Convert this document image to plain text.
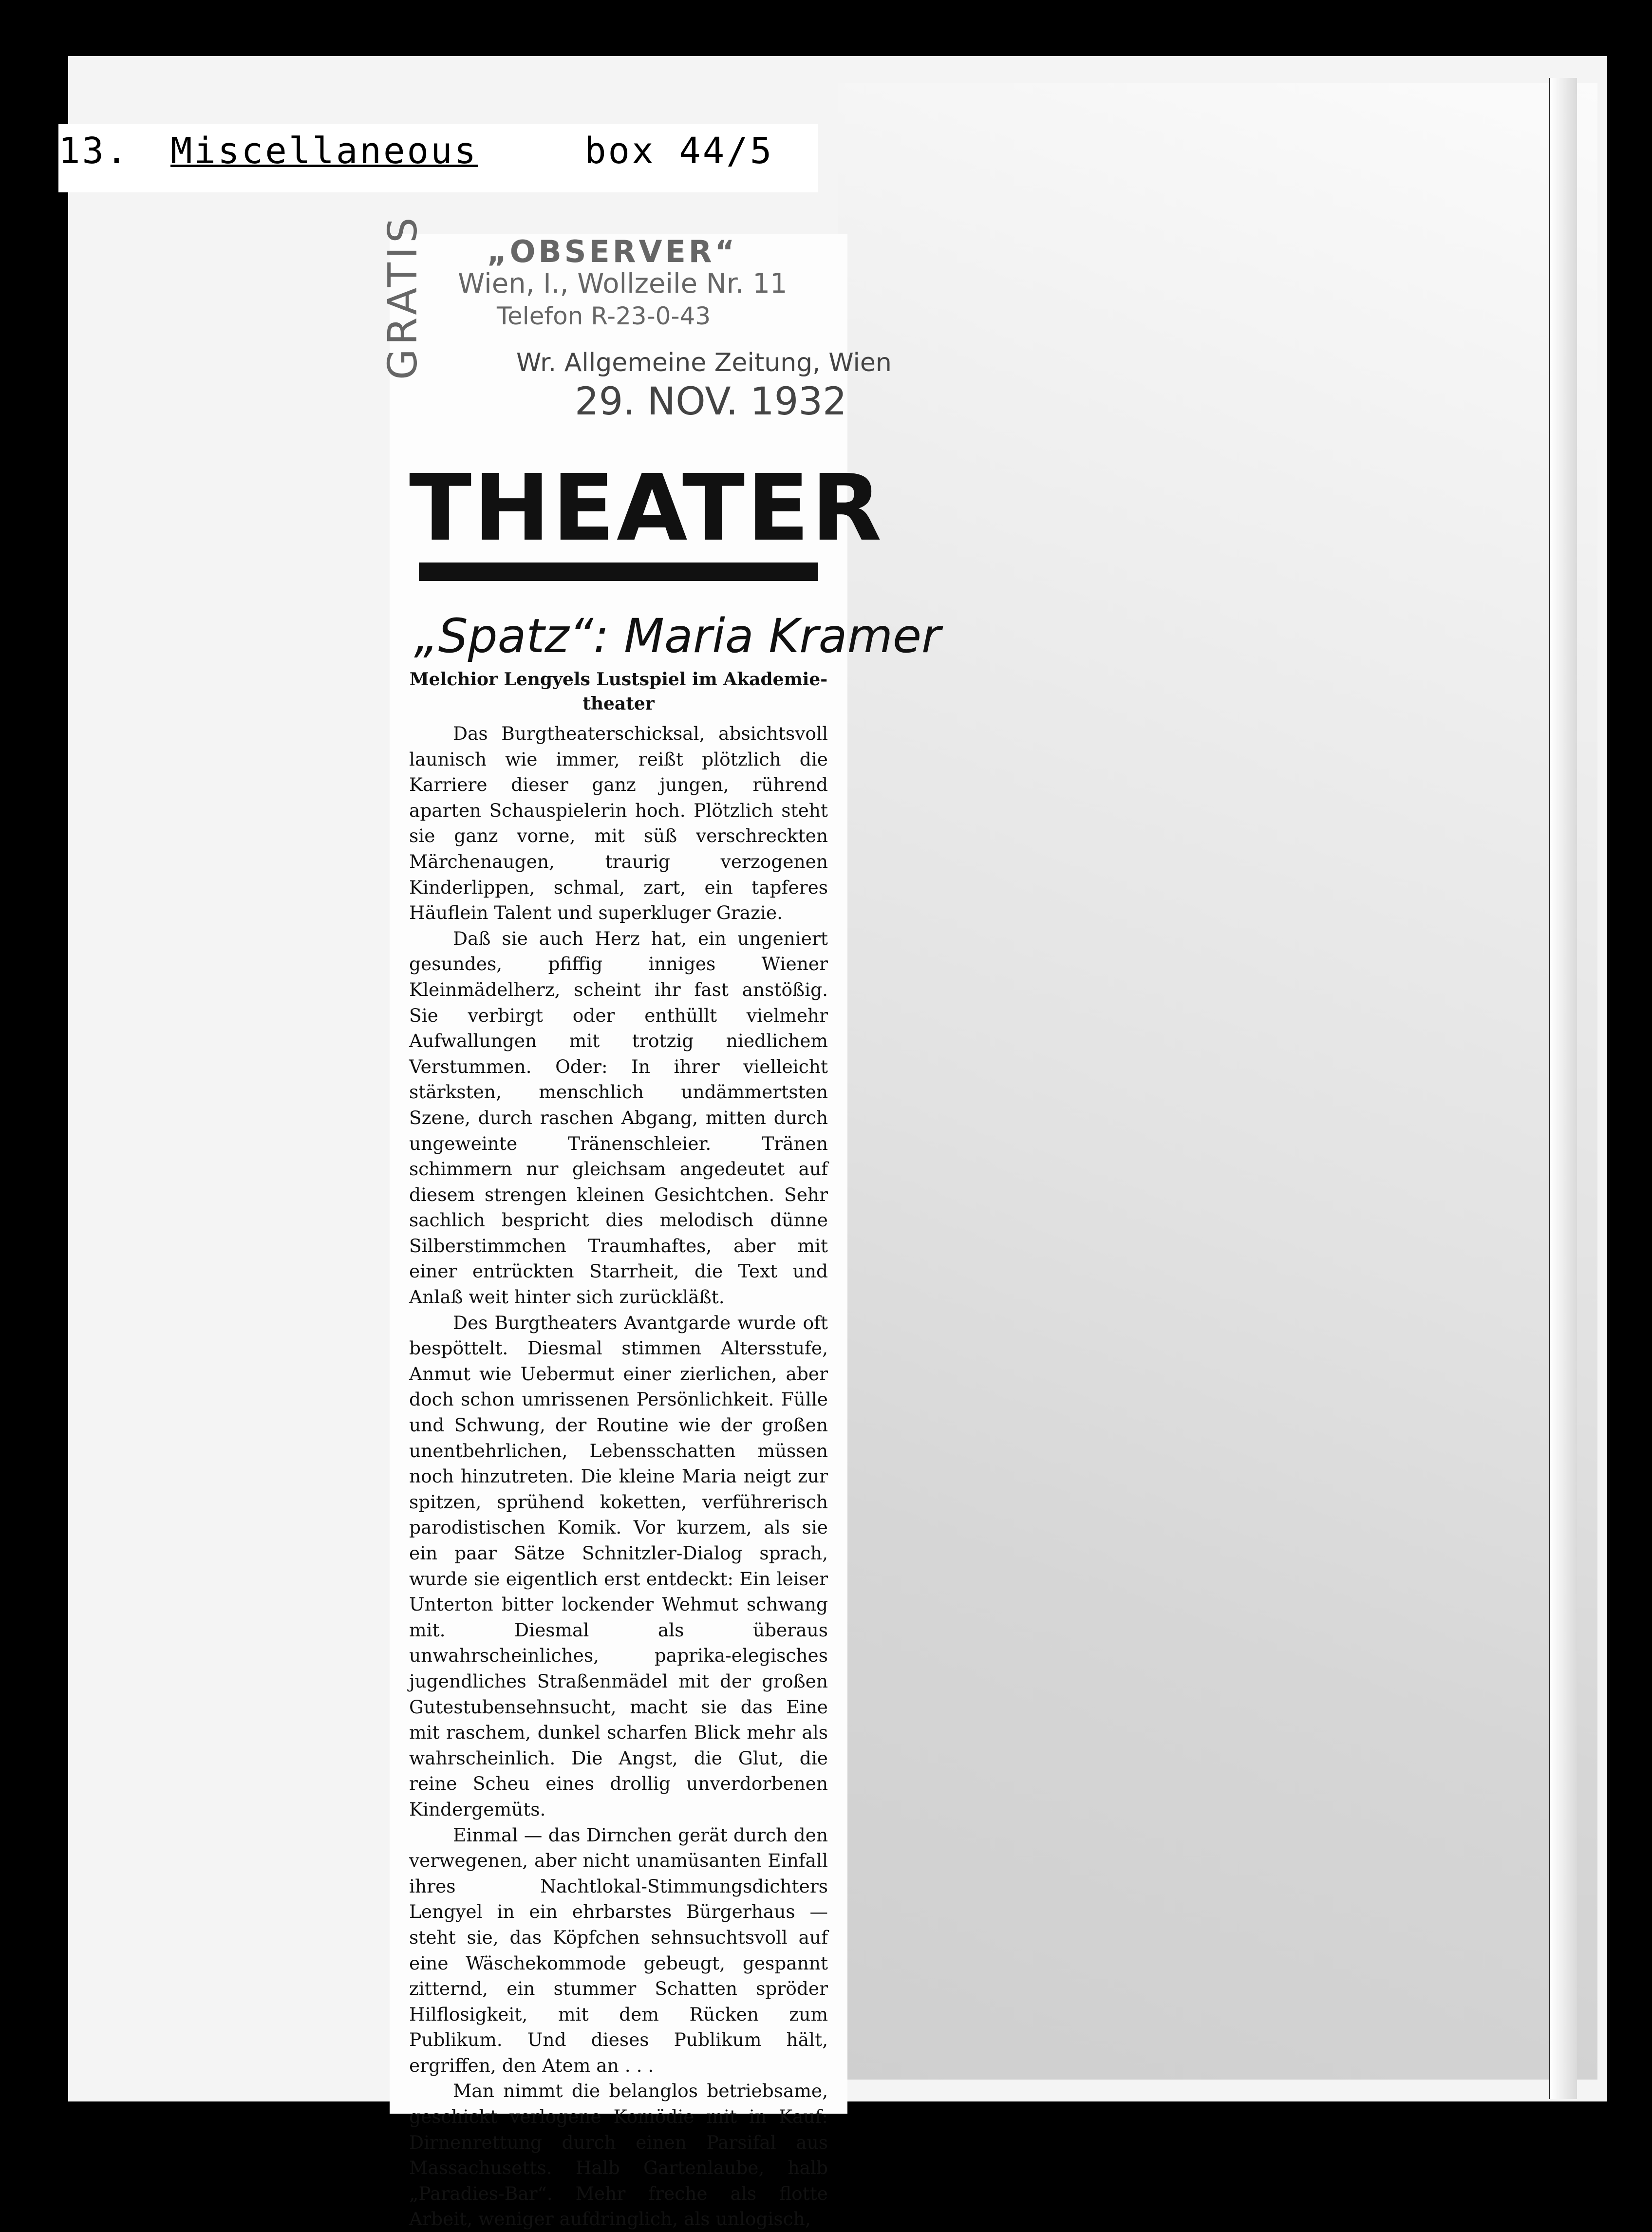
13. Miscellaneous	box 44/5
GRATIS „OBSERVER“
Wien, I., Wollzeile Nr. 11
Telefon R-23-0-43
Wr. Allgemeine Zeitung, Wien
29. NOV. 1932
THEATER
„Spatz“: Maria Kramer
Melchior Lengyels Lustspiel im Akademie-theater

Das Burgtheaterschicksal, absichtsvoll launisch wie immer, reißt plötzlich die Karriere dieser ganz jungen, rührend aparten Schauspielerin hoch. Plötzlich steht sie ganz vorne, mit süß verschreckten Märchenaugen, traurig verzogenen Kinderlippen, schmal, zart, ein tapferes Häuflein Talent und superkluger Grazie.

Daß sie auch Herz hat, ein ungeniert gesundes, pfiffig inniges Wiener Kleinmädelherz, scheint ihr fast anstößig. Sie verbirgt oder enthüllt vielmehr Aufwallungen mit trotzig niedlichem Verstummen. Oder: In ihrer vielleicht stärksten, menschlich undämmertsten Szene, durch raschen Abgang, mitten durch ungeweinte Tränenschleier. Tränen schimmern nur gleichsam angedeutet auf diesem strengen kleinen Gesichtchen. Sehr sachlich bespricht dies melodisch dünne Silberstimmchen Traumhaftes, aber mit einer entrückten Starrheit, die Text und Anlaß weit hinter sich zurückläßt.

Des Burgtheaters Avantgarde wurde oft bespöttelt. Diesmal stimmen Altersstufe, Anmut wie Uebermut einer zierlichen, aber doch schon umrissenen Persönlichkeit. Fülle und Schwung, der Routine wie der großen unentbehrlichen, Lebensschatten müssen noch hinzutreten. Die kleine Maria neigt zur spitzen, sprühend koketten, verführerisch parodistischen Komik. Vor kurzem, als sie ein paar Sätze Schnitzler-Dialog sprach, wurde sie eigentlich erst entdeckt: Ein leiser Unterton bitter lockender Wehmut schwang mit. Diesmal als überaus unwahrscheinliches, paprika-elegisches jugendliches Straßenmädel mit der großen Gutestubensehnsucht, macht sie das Eine mit raschem, dunkel scharfen Blick mehr als wahrscheinlich. Die Angst, die Glut, die reine Scheu eines drollig unverdorbenen Kindergemüts.

Einmal — das Dirnchen gerät durch den verwegenen, aber nicht unamüsanten Einfall ihres Nachtlokal-Stimmungsdichters Lengyel in ein ehrbarstes Bürgerhaus — steht sie, das Köpfchen sehnsuchtsvoll auf eine Wäschekommode gebeugt, gespannt zitternd, ein stummer Schatten spröder Hilflosigkeit, mit dem Rücken zum Publikum. Und dieses Publikum hält, ergriffen, den Atem an . . .

Man nimmt die belanglos betriebsame, geschickt verlogene Komödie mit in Kauf: Dirnenrettung durch einen Parsifal aus Massachusetts. Halb Gartenlaube, halb „Paradies-Bar“. Mehr freche als flotte Arbeit, weniger aufdringlich, als unlogisch,
